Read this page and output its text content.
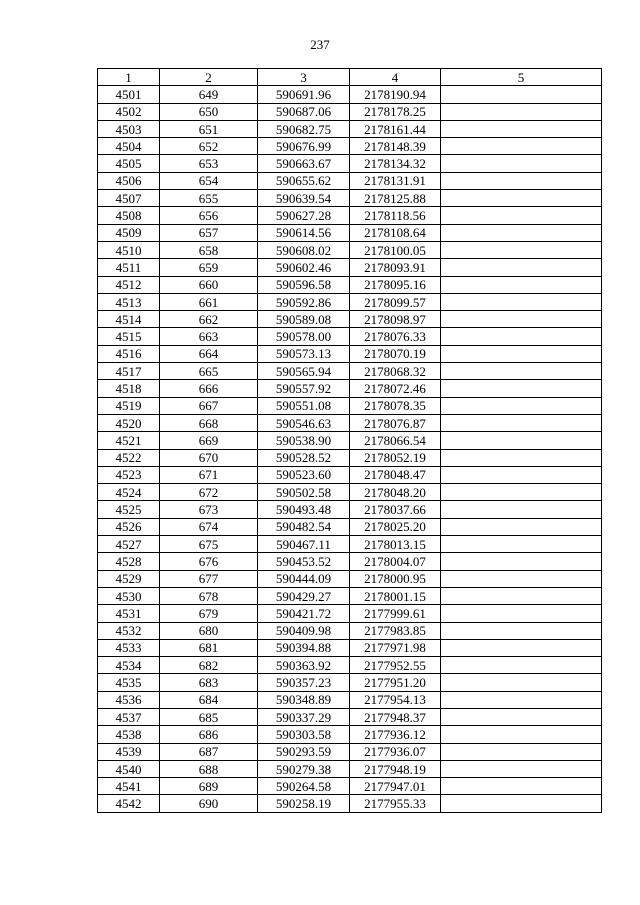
237
1	2	3	4	5
4501	649	590691.96	2178190.94	
4502	650	590687.06	2178178.25	
4503	651	590682.75	2178161.44	
4504	652	590676.99	2178148.39	
4505	653	590663.67	2178134.32	
4506	654	590655.62	2178131.91	
4507	655	590639.54	2178125.88	
4508	656	590627.28	2178118.56	
4509	657	590614.56	2178108.64	
4510	658	590608.02	2178100.05	
4511	659	590602.46	2178093.91	
4512	660	590596.58	2178095.16	
4513	661	590592.86	2178099.57	
4514	662	590589.08	2178098.97	
4515	663	590578.00	2178076.33	
4516	664	590573.13	2178070.19	
4517	665	590565.94	2178068.32	
4518	666	590557.92	2178072.46	
4519	667	590551.08	2178078.35	
4520	668	590546.63	2178076.87	
4521	669	590538.90	2178066.54	
4522	670	590528.52	2178052.19	
4523	671	590523.60	2178048.47	
4524	672	590502.58	2178048.20	
4525	673	590493.48	2178037.66	
4526	674	590482.54	2178025.20	
4527	675	590467.11	2178013.15	
4528	676	590453.52	2178004.07	
4529	677	590444.09	2178000.95	
4530	678	590429.27	2178001.15	
4531	679	590421.72	2177999.61	
4532	680	590409.98	2177983.85	
4533	681	590394.88	2177971.98	
4534	682	590363.92	2177952.55	
4535	683	590357.23	2177951.20	
4536	684	590348.89	2177954.13	
4537	685	590337.29	2177948.37	
4538	686	590303.58	2177936.12	
4539	687	590293.59	2177936.07	
4540	688	590279.38	2177948.19	
4541	689	590264.58	2177947.01	
4542	690	590258.19	2177955.33	
